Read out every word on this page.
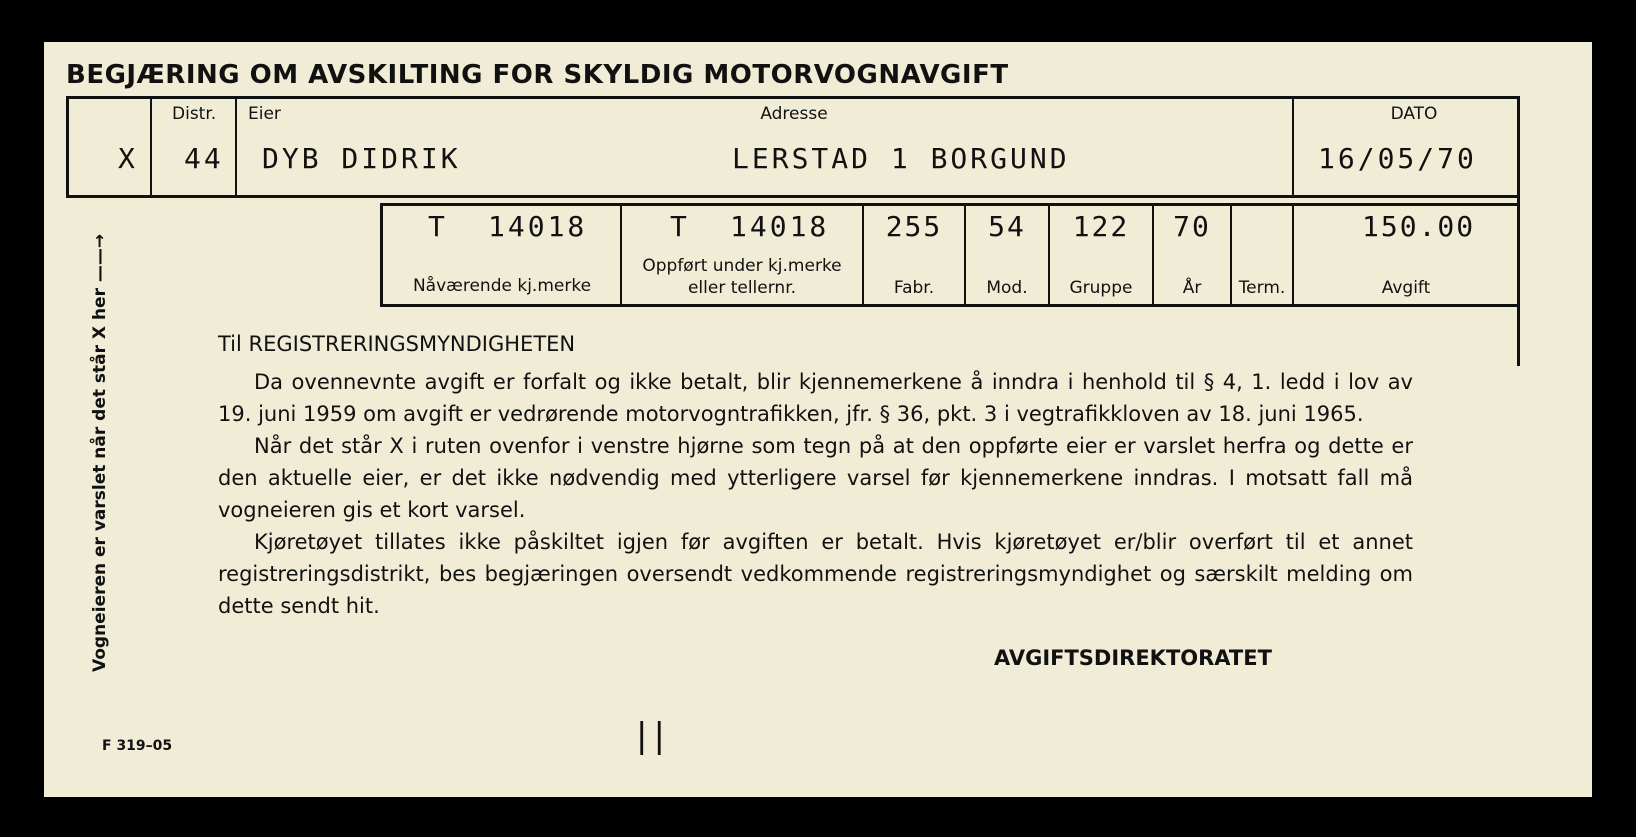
BEGJÆRING OM AVSKILTING FOR SKYLDIG MOTORVOGNAVGIFT
X
Distr.
44
Eier
DYB DIDRIK
Adresse
LERSTAD 1 BORGUND
DATO
16/05/70
T 14018
Nåværende kj.merke
T 14018
Oppført under kj.merke
eller tellernr.
255
Fabr.
54
Mod.
122
Gruppe
70
År	Term.
150.00
Avgift
Vogneieren er varslet når det står X her ——→
Til REGISTRERINGSMYNDIGHETEN

Da ovennevnte avgift er forfalt og ikke betalt, blir kjennemerkene å inndra i henhold til § 4, 1. ledd i lov av 19. juni 1959 om avgift er vedrørende motorvogntrafikken, jfr. § 36, pkt. 3 i vegtrafikkloven av 18. juni 1965.

Når det står X i ruten ovenfor i venstre hjørne som tegn på at den oppførte eier er varslet herfra og dette er den aktuelle eier, er det ikke nødvendig med ytterligere varsel før kjennemerkene inndras. I motsatt fall må vogneieren gis et kort varsel.

Kjøretøyet tillates ikke påskiltet igjen før avgiften er betalt. Hvis kjøretøyet er/blir overført til et annet registreringsdistrikt, bes begjæringen oversendt vedkommende registreringsmyndighet og særskilt melding om dette sendt hit.

AVGIFTSDIREKTORATET
F 319–05	||
